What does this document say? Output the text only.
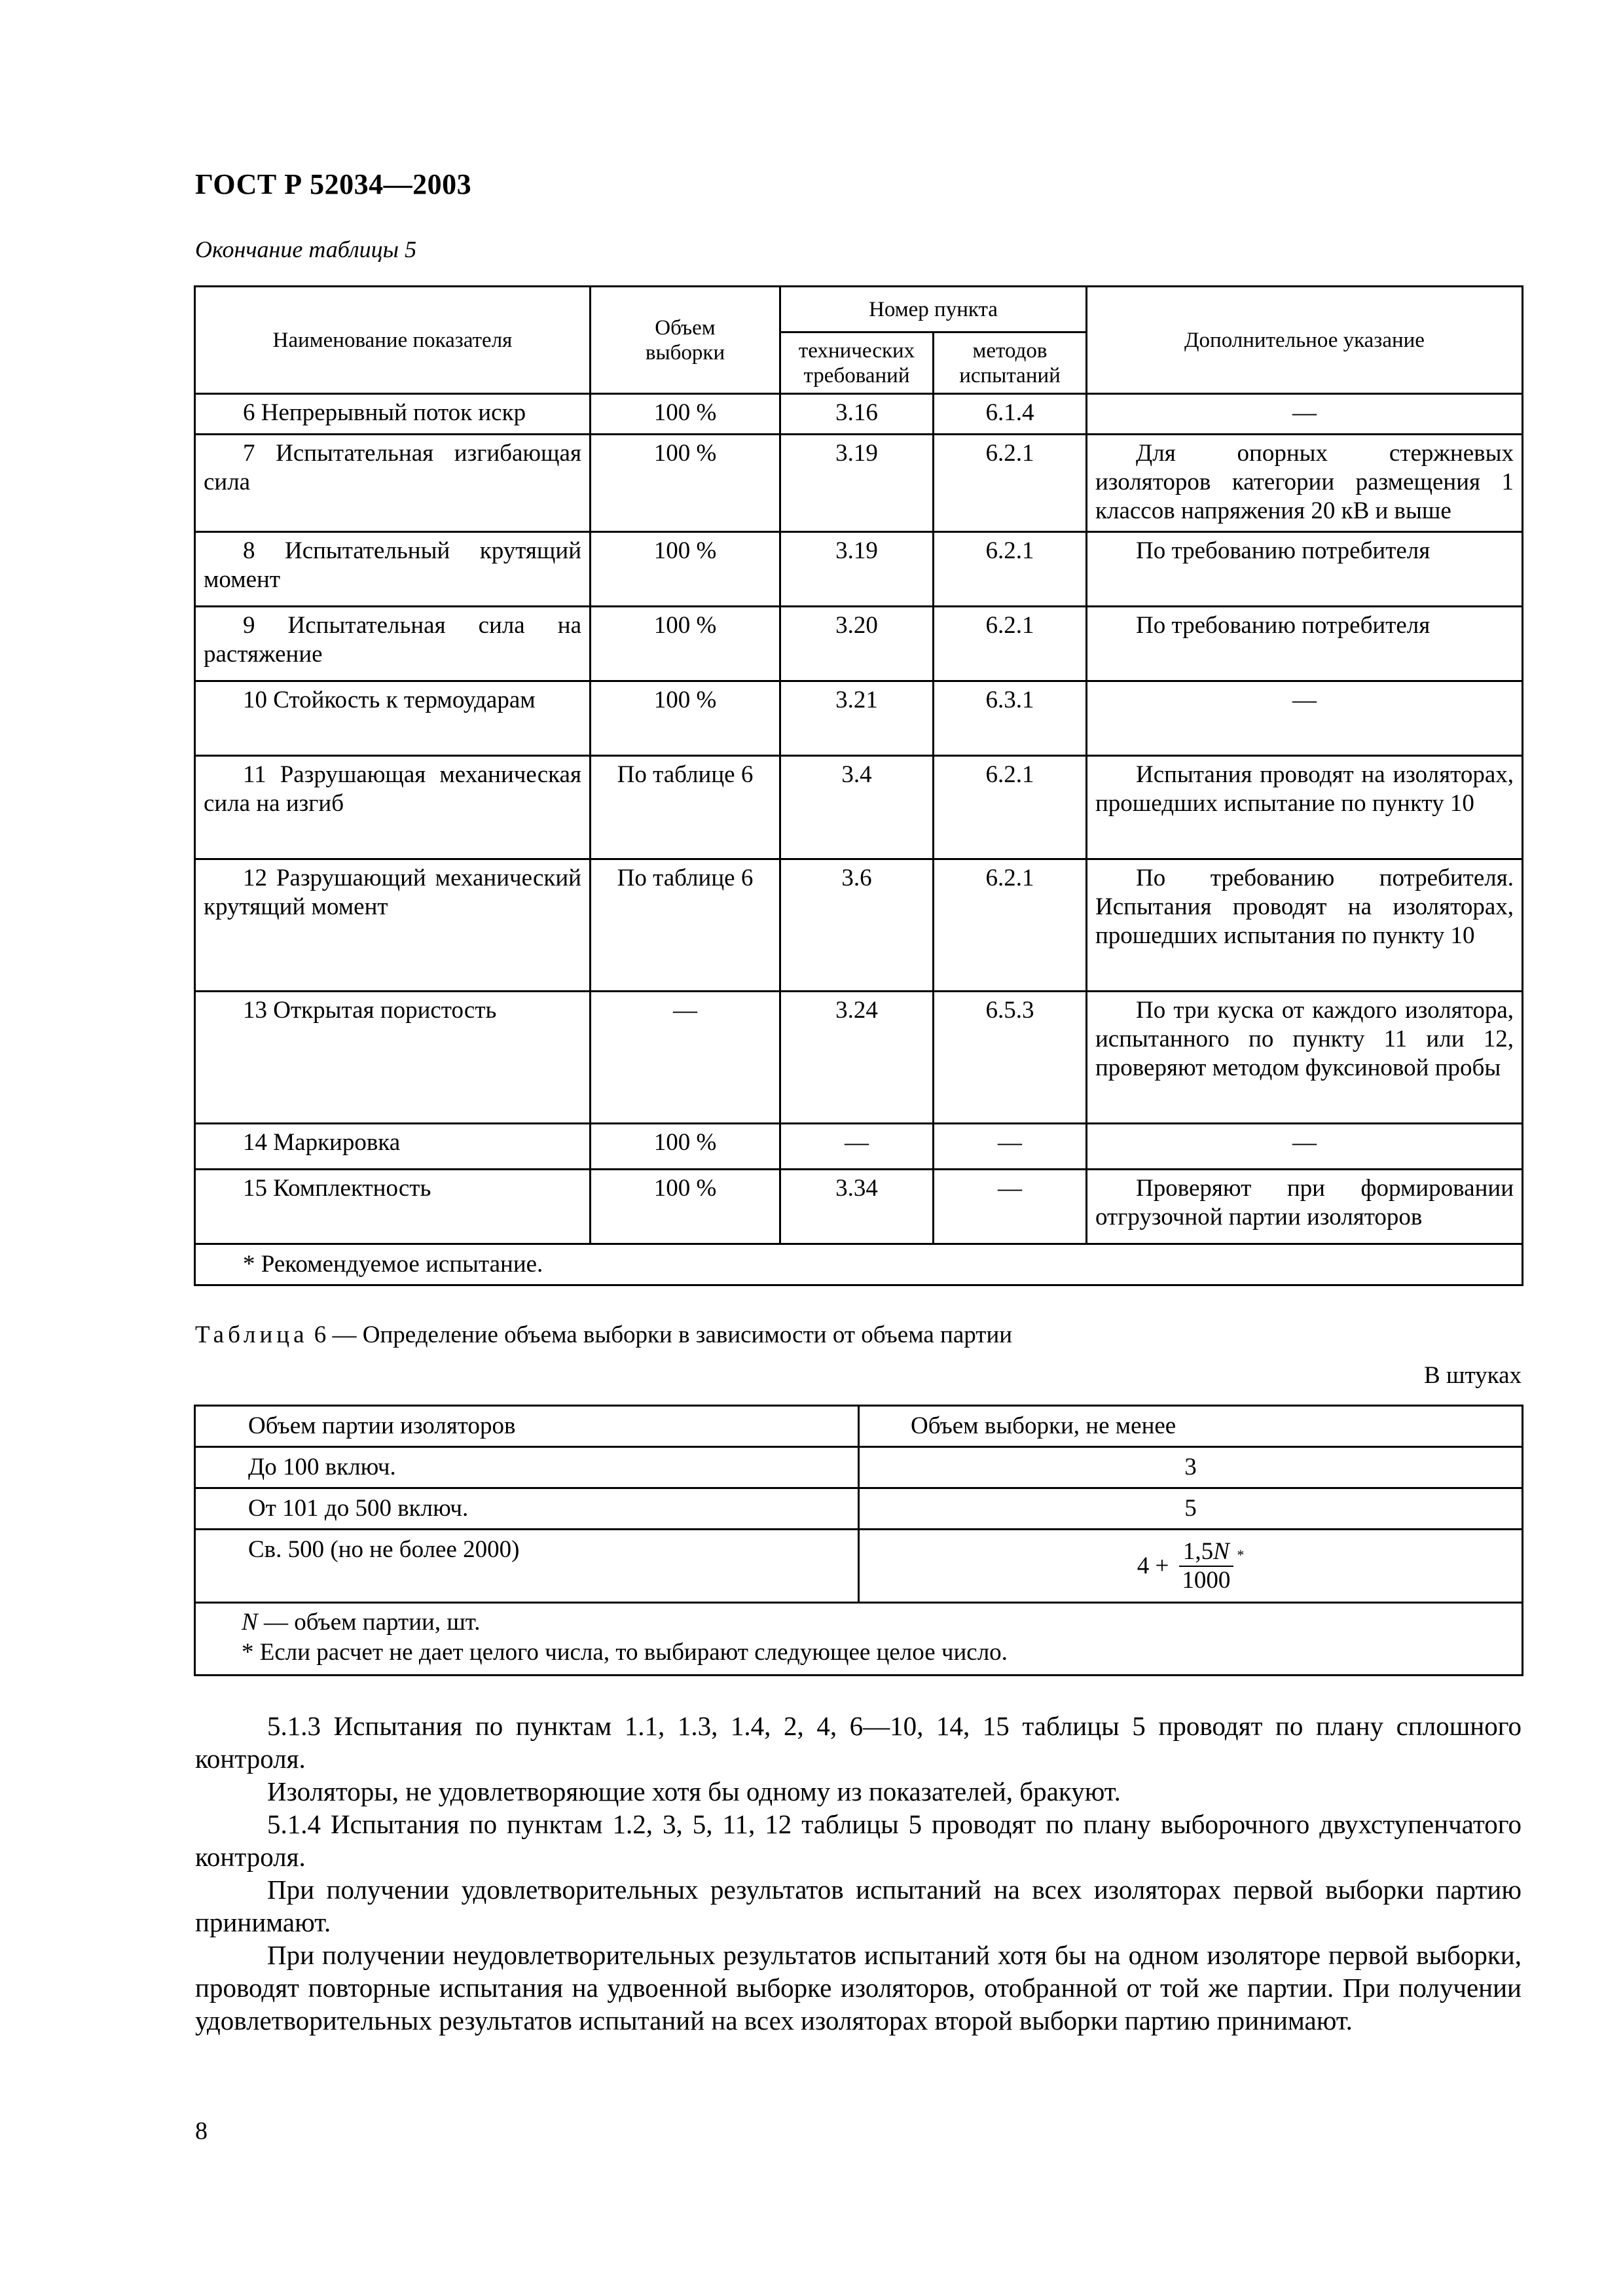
ГОСТ Р 52034—2003
Окончание таблицы 5
Наименование показателя	Объем выборки	Номер пункта		Дополнительное указание
		технических требований	методов испытаний	
6 Непрерывный поток искр	100 %	3.16	6.1.4	—
7 Испытательная изгибающая сила	100 %	3.19	6.2.1	Для опорных стержневых изоляторов категории размещения 1 классов напряжения 20 кВ и выше
8 Испытательный крутящий момент	100 %	3.19	6.2.1	По требованию потребителя
9 Испытательная сила на растяжение	100 %	3.20	6.2.1	По требованию потребителя
10 Стойкость к термоударам	100 %	3.21	6.3.1	—
11 Разрушающая механическая сила на изгиб	По таблице 6	3.4	6.2.1	Испытания проводят на изоляторах, прошедших испытание по пункту 10
12 Разрушающий механический крутящий момент	По таблице 6	3.6	6.2.1	По требованию потребителя. Испытания проводят на изоляторах, прошедших испытания по пункту 10
13 Открытая пористость	—	3.24	6.5.3	По три куска от каждого изолятора, испытанного по пункту 11 или 12, проверяют методом фуксиновой пробы
14 Маркировка	100 %	—	—	—
15 Комплектность	100 %	3.34	—	Проверяют при формировании отгрузочной партии изоляторов
* Рекомендуемое испытание.				
Таблица 6 — Определение объема выборки в зависимости от объема партии
В штуках
Объем партии изоляторов	Объем выборки, не менее
До 100 включ.	3
От 101 до 500 включ.	5
Св. 500 (но не более 2000)	$4 + \frac{1,5N}{1000}$ *

N — объем партии, шт.
* Если расчет не дает целого числа, то выбирают следующее целое число.	

5.1.3 Испытания по пунктам 1.1, 1.3, 1.4, 2, 4, 6—10, 14, 15 таблицы 5 проводят по плану сплошного контроля.

Изоляторы, не удовлетворяющие хотя бы одному из показателей, бракуют.

5.1.4 Испытания по пунктам 1.2, 3, 5, 11, 12 таблицы 5 проводят по плану выборочного двухступенчатого контроля.

При получении удовлетворительных результатов испытаний на всех изоляторах первой выборки партию принимают.

При получении неудовлетворительных результатов испытаний хотя бы на одном изоляторе первой выборки, проводят повторные испытания на удвоенной выборке изоляторов, отобранной от той же партии. При получении удовлетворительных результатов испытаний на всех изоляторах второй выборки партию принимают.

8
